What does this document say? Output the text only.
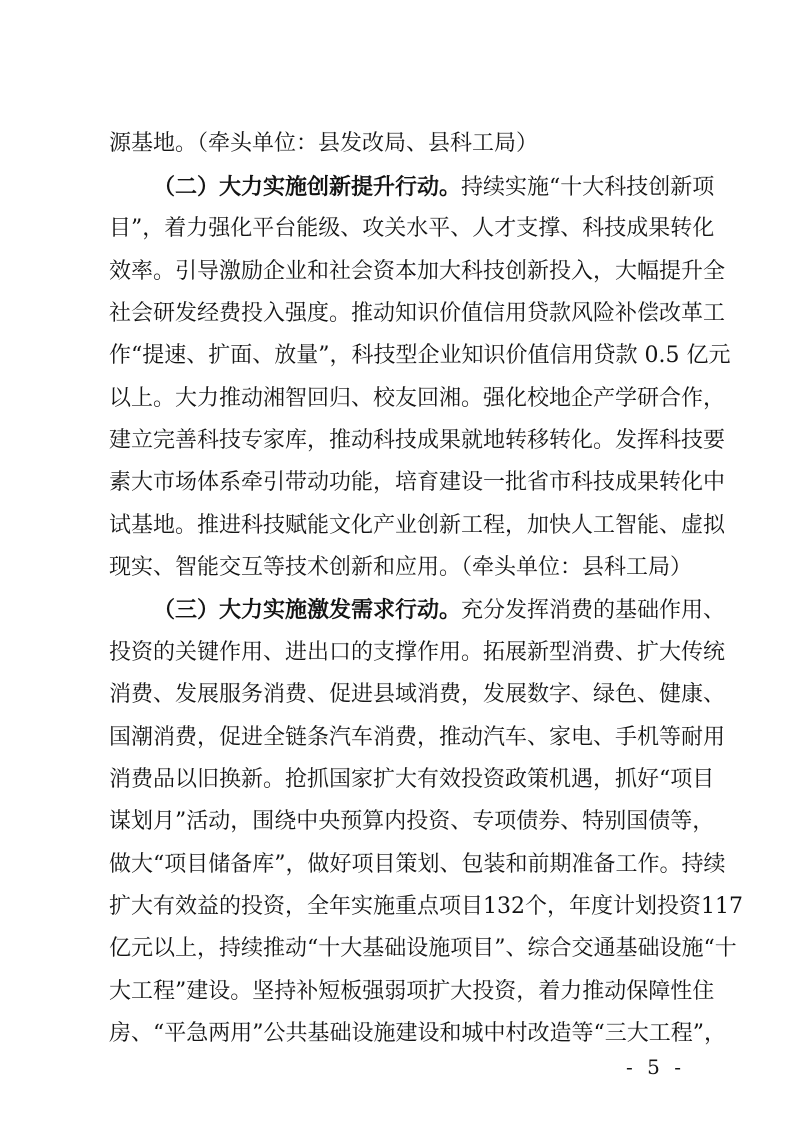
源基地。（牵头单位：县发改局、县科工局）
（二）大力实施创新提升行动。持续实施“十大科技创新项
目”，着力强化平台能级、攻关水平、人才支撑、科技成果转化
效率。引导激励企业和社会资本加大科技创新投入，大幅提升全
社会研发经费投入强度。推动知识价值信用贷款风险补偿改革工
作“提速、扩面、放量”，科技型企业知识价值信用贷款 0.5 亿元
以上。大力推动湘智回归、校友回湘。强化校地企产学研合作，
建立完善科技专家库，推动科技成果就地转移转化。发挥科技要
素大市场体系牵引带动功能，培育建设一批省市科技成果转化中
试基地。推进科技赋能文化产业创新工程，加快人工智能、虚拟
现实、智能交互等技术创新和应用。（牵头单位：县科工局）
（三）大力实施激发需求行动。充分发挥消费的基础作用、
投资的关键作用、进出口的支撑作用。拓展新型消费、扩大传统
消费、发展服务消费、促进县域消费，发展数字、绿色、健康、
国潮消费，促进全链条汽车消费，推动汽车、家电、手机等耐用
消费品以旧换新。抢抓国家扩大有效投资政策机遇，抓好“项目
谋划月”活动，围绕中央预算内投资、专项债券、特别国债等，
做大“项目储备库”，做好项目策划、包装和前期准备工作。持续
扩大有效益的投资，全年实施重点项目132个，年度计划投资117
亿元以上，持续推动“十大基础设施项目”、综合交通基础设施“十
大工程”建设。坚持补短板强弱项扩大投资，着力推动保障性住
房、“平急两用”公共基础设施建设和城中村改造等“三大工程”，
- 5 -
